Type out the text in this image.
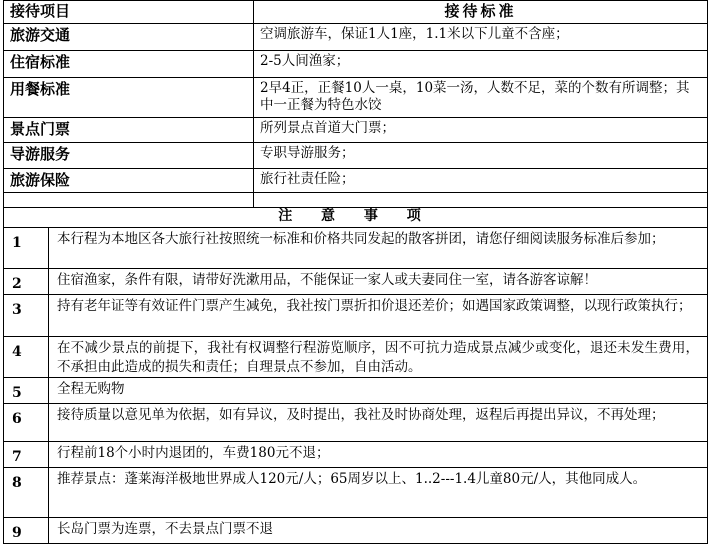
接待项目	接待标准
旅游交通	空调旅游车，保证1人1座，1.1米以下儿童不含座；
住宿标准	2-5人间渔家；
用餐标准	2早4正，正餐10人一桌，10菜一汤，人数不足，菜的个数有所调整；其中一正餐为特色水饺
景点门票	所列景点首道大门票；
导游服务	专职导游服务；
旅游保险	旅行社责任险；

注 意 事 项	
1	本行程为本地区各大旅行社按照统一标准和价格共同发起的散客拼团，请您仔细阅读服务标准后参加；
2	住宿渔家，条件有限，请带好洗漱用品，不能保证一家人或夫妻同住一室，请各游客谅解！
3	持有老年证等有效证件门票产生减免，我社按门票折扣价退还差价；如遇国家政策调整，以现行政策执行；
4	在不减少景点的前提下，我社有权调整行程游览顺序，因不可抗力造成景点减少或变化，退还未发生费用，不承担由此造成的损失和责任；自理景点不参加，自由活动。
5	全程无购物
6	接待质量以意见单为依据，如有异议，及时提出，我社及时协商处理，返程后再提出异议，不再处理；
7	行程前18个小时内退团的，车费180元不退；
8	推荐景点：蓬莱海洋极地世界成人120元/人；65周岁以上、1..2---1.4儿童80元/人，其他同成人。
9	长岛门票为连票，不去景点门票不退
